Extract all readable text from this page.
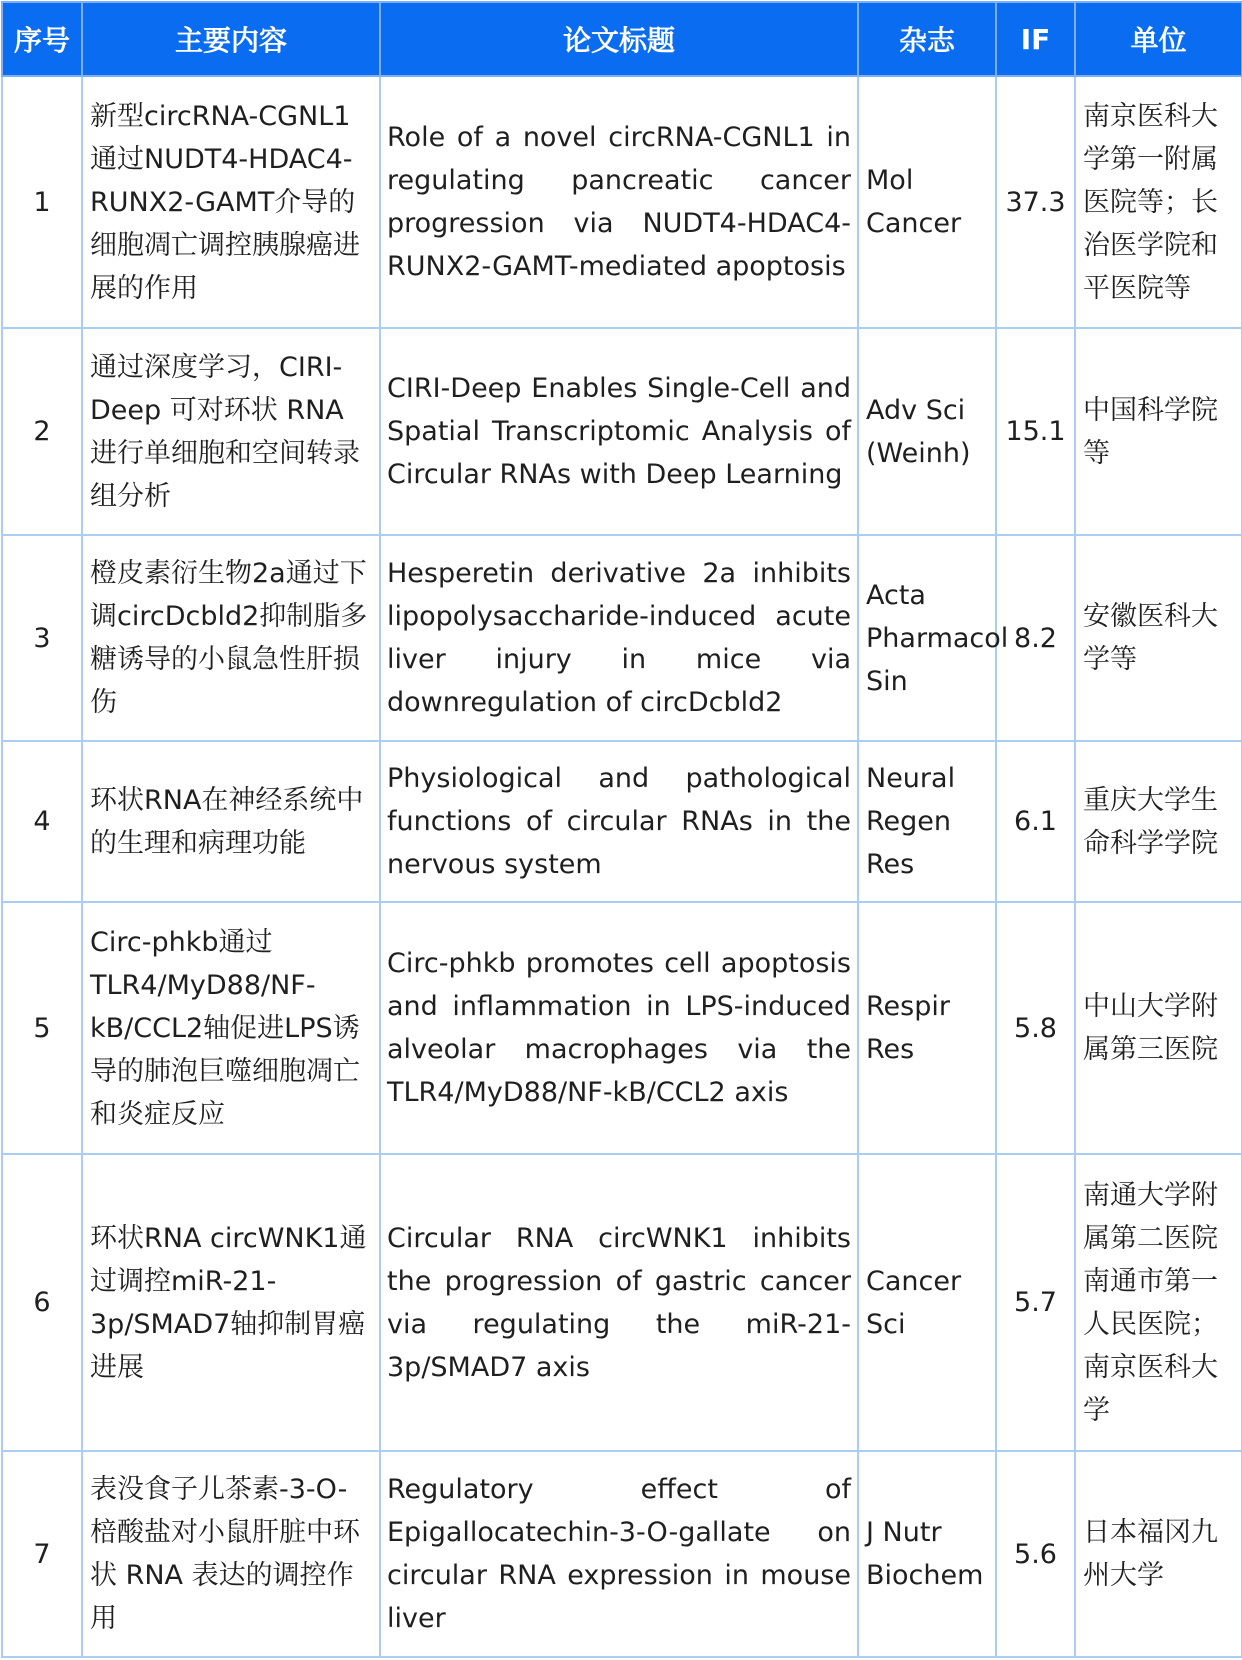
序号	主要内容	论文标题	杂志	IF	单位
1	新型circRNA-CGNL1通过NUDT4-HDAC4-RUNX2-GAMT介导的细胞凋亡调控胰腺癌进展的作用	Role of a novel circRNA-CGNL1 in regulating pancreatic cancer progression via NUDT4-HDAC4-RUNX2-GAMT-mediated apoptosis	Mol Cancer	37.3	南京医科大学第一附属医院等；长治医学院和平医院等
2	通过深度学习，CIRI-Deep 可对环状 RNA 进行单细胞和空间转录组分析	CIRI-Deep Enables Single-Cell and Spatial Transcriptomic Analysis of Circular RNAs with Deep Learning	Adv Sci (Weinh)	15.1	中国科学院等
3	橙皮素衍生物2a通过下调circDcbld2抑制脂多糖诱导的小鼠急性肝损伤	Hesperetin derivative 2a inhibits lipopolysaccharide-induced acute liver injury in mice via downregulation of circDcbld2	Acta Pharmacol Sin	8.2	安徽医科大学等
4	环状RNA在神经系统中的生理和病理功能	Physiological and pathological functions of circular RNAs in the nervous system	Neural Regen Res	6.1	重庆大学生命科学学院
5	Circ-phkb通过TLR4/MyD88/NF-kB/CCL2轴促进LPS诱导的肺泡巨噬细胞凋亡和炎症反应	Circ-phkb promotes cell apoptosis and inflammation in LPS-induced alveolar macrophages via the TLR4/MyD88/NF-kB/CCL2 axis	Respir Res	5.8	中山大学附属第三医院
6	环状RNA circWNK1通过调控miR-21-3p/SMAD7轴抑制胃癌进展	Circular RNA circWNK1 inhibits the progression of gastric cancer via regulating the miR-21-3p/SMAD7 axis	Cancer Sci	5.7	南通大学附属第二医院南通市第一人民医院；南京医科大学
7	表没食子儿茶素-3-O-棓酸盐对小鼠肝脏中环状 RNA 表达的调控作用	Regulatory effect of Epigallocatechin-3-O-gallate on circular RNA expression in mouse liver	J Nutr Biochem	5.6	日本福冈九州大学
